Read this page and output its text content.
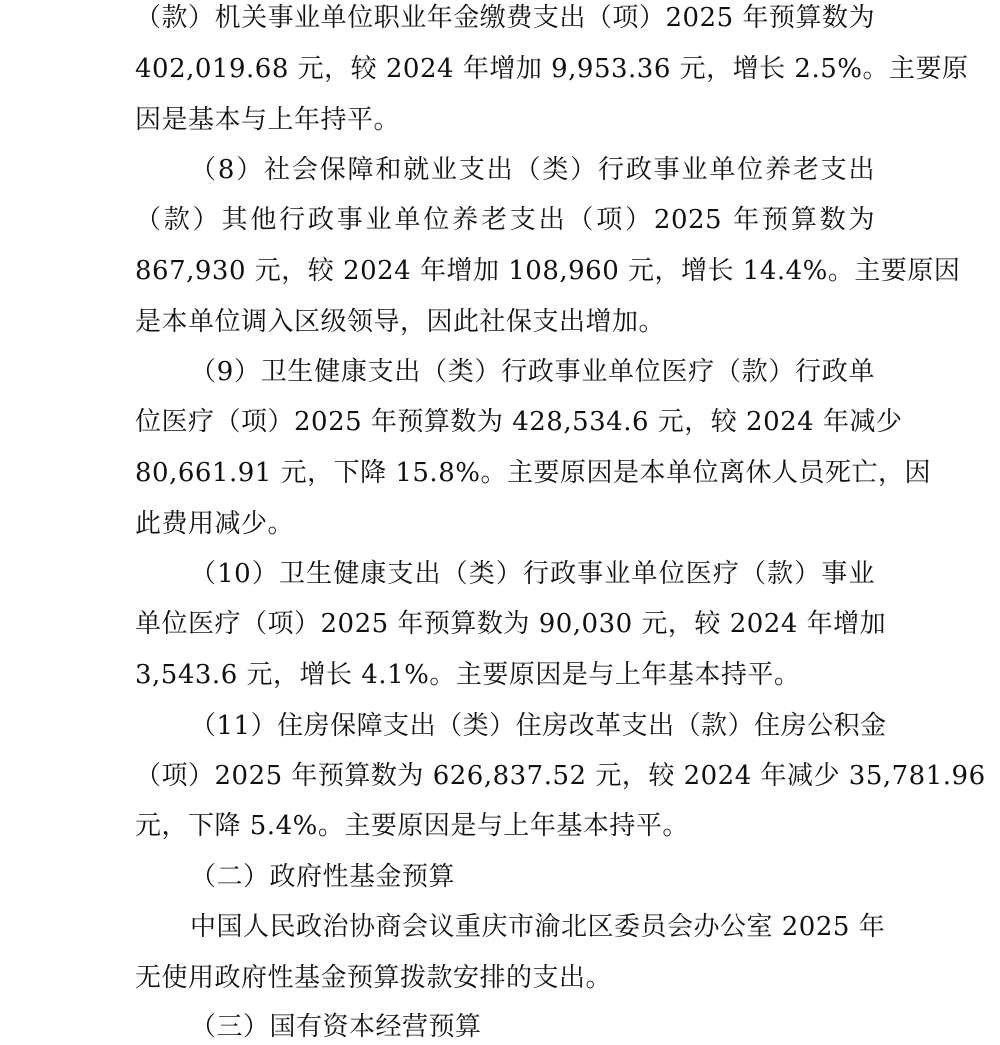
（款）机关事业单位职业年金缴费支出（项）2025 年预算数为
402,019.68 元，较 2024 年增加 9,953.36 元，增长 2.5%。主要原
因是基本与上年持平。
（8）社会保障和就业支出（类）行政事业单位养老支出
（款）其他行政事业单位养老支出（项）2025 年预算数为
867,930 元，较 2024 年增加 108,960 元，增长 14.4%。主要原因
是本单位调入区级领导，因此社保支出增加。
（9）卫生健康支出（类）行政事业单位医疗（款）行政单
位医疗（项）2025 年预算数为 428,534.6 元，较 2024 年减少
80,661.91 元，下降 15.8%。主要原因是本单位离休人员死亡，因
此费用减少。
（10）卫生健康支出（类）行政事业单位医疗（款）事业
单位医疗（项）2025 年预算数为 90,030 元，较 2024 年增加
3,543.6 元，增长 4.1%。主要原因是与上年基本持平。
（11）住房保障支出（类）住房改革支出（款）住房公积金
（项）2025 年预算数为 626,837.52 元，较 2024 年减少 35,781.96
元，下降 5.4%。主要原因是与上年基本持平。
（二）政府性基金预算
中国人民政治协商会议重庆市渝北区委员会办公室 2025 年
无使用政府性基金预算拨款安排的支出。
（三）国有资本经营预算
